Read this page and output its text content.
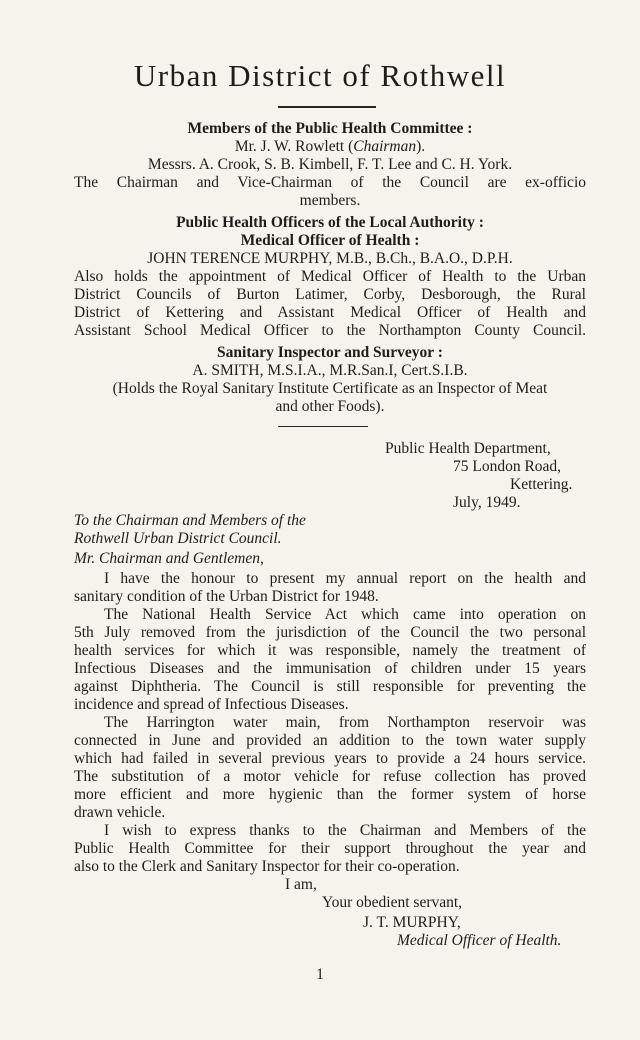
Urban District of Rothwell
Members of the Public Health Committee :
Mr. J. W. Rowlett (Chairman).
Messrs. A. Crook, S. B. Kimbell, F. T. Lee and C. H. York.
The Chairman and Vice-Chairman of the Council are ex-officio
members.
Public Health Officers of the Local Authority :
Medical Officer of Health :
JOHN TERENCE MURPHY, M.B., B.Ch., B.A.O., D.P.H.
Also holds the appointment of Medical Officer of Health to the Urban
District Councils of Burton Latimer, Corby, Desborough, the Rural
District of Kettering and Assistant Medical Officer of Health and
Assistant School Medical Officer to the Northampton County Council.
Sanitary Inspector and Surveyor :
A. SMITH, M.S.I.A., M.R.San.I, Cert.S.I.B.
(Holds the Royal Sanitary Institute Certificate as an Inspector of Meat
and other Foods).
Public Health Department,
75 London Road,
Kettering.
July, 1949.
To the Chairman and Members of the
Rothwell Urban District Council.
Mr. Chairman and Gentlemen,
I have the honour to present my annual report on the health and
sanitary condition of the Urban District for 1948.
The National Health Service Act which came into operation on
5th July removed from the jurisdiction of the Council the two personal
health services for which it was responsible, namely the treatment of
Infectious Diseases and the immunisation of children under 15 years
against Diphtheria. The Council is still responsible for preventing the
incidence and spread of Infectious Diseases.
The Harrington water main, from Northampton reservoir was
connected in June and provided an addition to the town water supply
which had failed in several previous years to provide a 24 hours service.
The substitution of a motor vehicle for refuse collection has proved
more efficient and more hygienic than the former system of horse
drawn vehicle.
I wish to express thanks to the Chairman and Members of the
Public Health Committee for their support throughout the year and
also to the Clerk and Sanitary Inspector for their co-operation.
I am,
Your obedient servant,
J. T. MURPHY,
Medical Officer of Health.
1
